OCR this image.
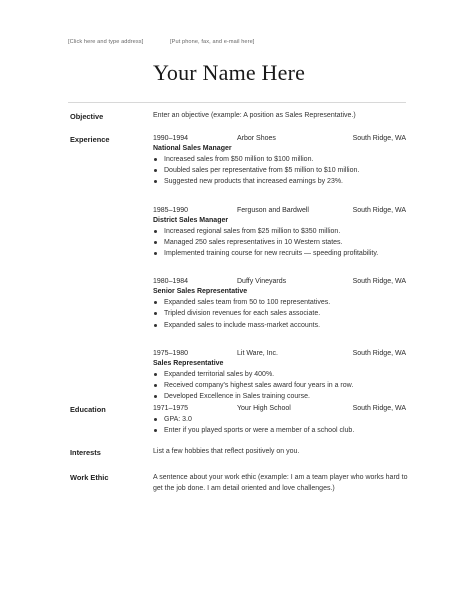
[Click here and type address]	[Put phone, fax, and e-mail here]
Your Name Here
Objective	Enter an objective (example: A position as Sales Representative.)
Experience	1990–1994	Arbor Shoes	South Ridge, WA
National Sales Manager
Increased sales from $50 million to $100 million.
Doubled sales per representative from $5 million to $10 million.
Suggested new products that increased earnings by 23%.
1985–1990	Ferguson and Bardwell	South Ridge, WA
District Sales Manager
Increased regional sales from $25 million to $350 million.
Managed 250 sales representatives in 10 Western states.
Implemented training course for new recruits — speeding profitability.
1980–1984	Duffy Vineyards	South Ridge, WA
Senior Sales Representative
Expanded sales team from 50 to 100 representatives.
Tripled division revenues for each sales associate.
Expanded sales to include mass-market accounts.
1975–1980	Lit Ware, Inc.	South Ridge, WA
Sales Representative
Expanded territorial sales by 400%.
Received company's highest sales award four years in a row.
Developed Excellence in Sales training course.
Education	1971–1975	Your High School	South Ridge, WA
GPA: 3.0
Enter if you played sports or were a member of a school club.
Interests	List a few hobbies that reflect positively on you.
Work Ethic	A sentence about your work ethic (example: I am a team player who works hard to get the job done. I am detail oriented and love challenges.)
